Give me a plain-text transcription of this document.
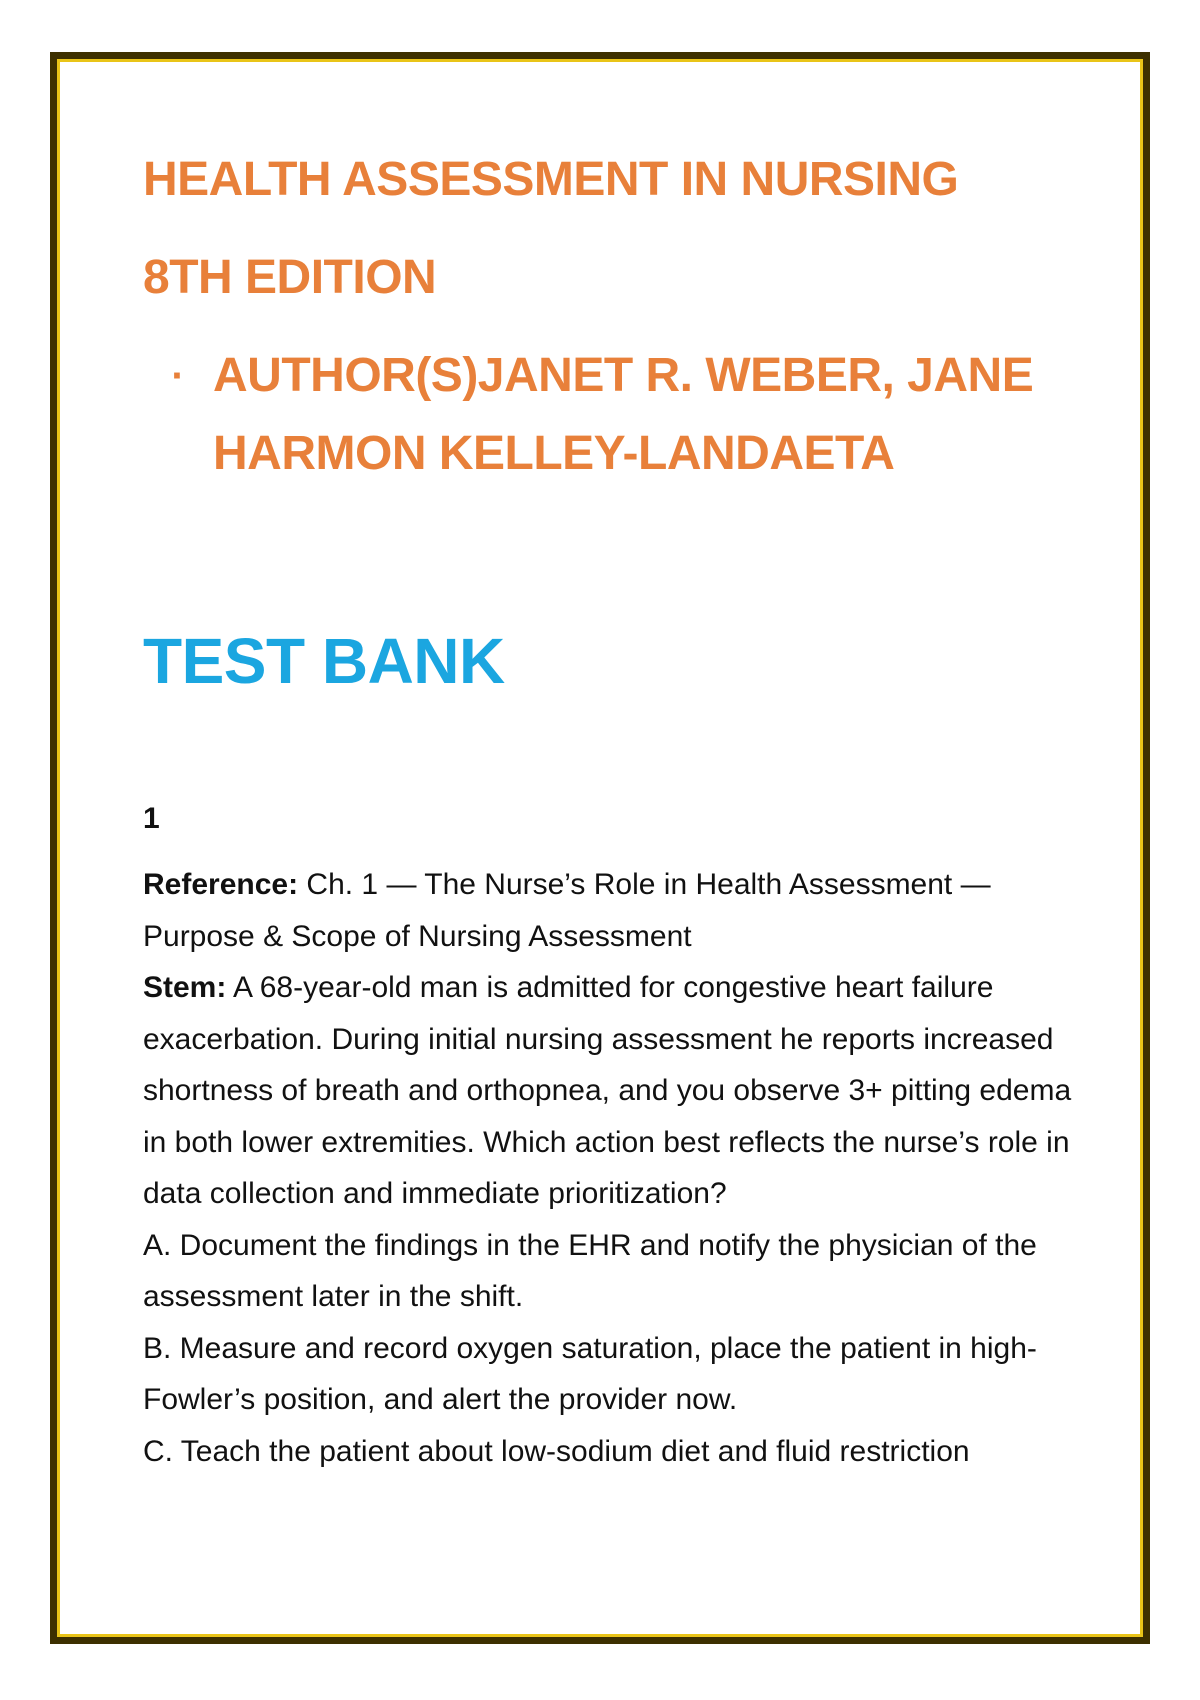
HEALTH ASSESSMENT IN NURSING
8TH EDITION
· AUTHOR(S)JANET R. WEBER, JANE HARMON KELLEY-LANDAETA
TEST BANK
1

Reference: Ch. 1 — The Nurse’s Role in Health Assessment — Purpose & Scope of Nursing Assessment

Stem: A 68-year-old man is admitted for congestive heart failure exacerbation. During initial nursing assessment he reports increased shortness of breath and orthopnea, and you observe 3+ pitting edema in both lower extremities. Which action best reflects the nurse’s role in data collection and immediate prioritization?

A. Document the findings in the EHR and notify the physician of the assessment later in the shift.

B. Measure and record oxygen saturation, place the patient in high-Fowler’s position, and alert the provider now.

C. Teach the patient about low-sodium diet and fluid restriction
